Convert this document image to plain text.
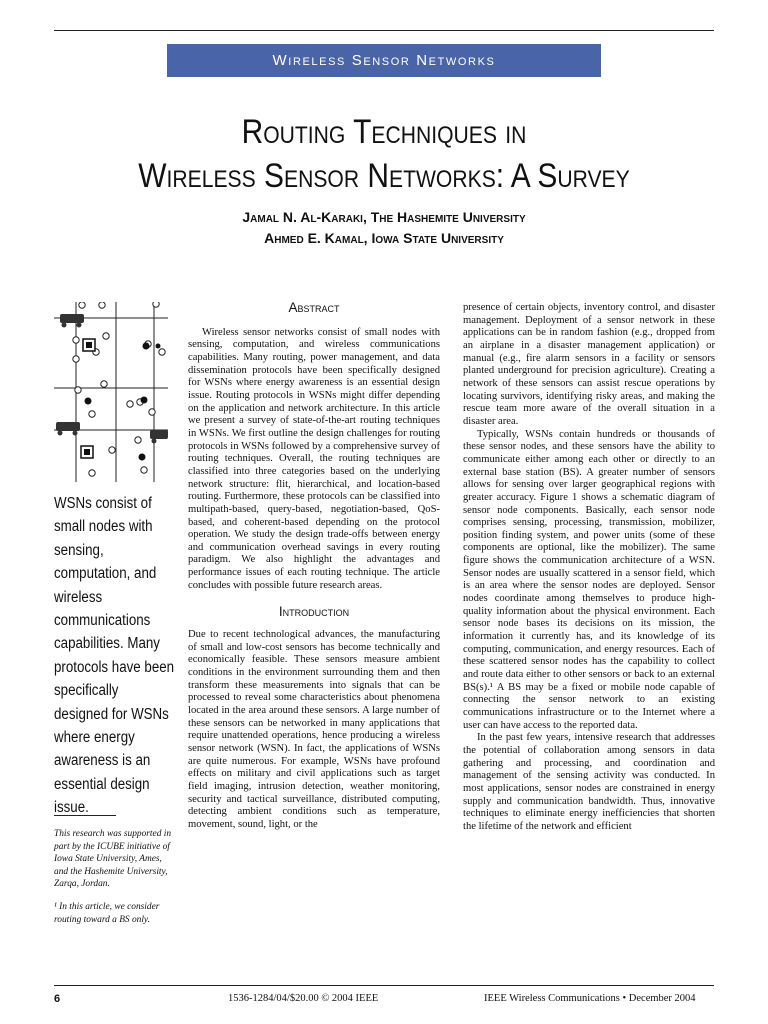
Wireless Sensor Networks
Routing Techniques in
Wireless Sensor Networks: A Survey
Jamal N. Al-Karaki, The Hashemite University
Ahmed E. Kamal, Iowa State University
WSNs consist of small nodes with sensing, computation, and wireless communications capabilities. Many protocols have been specifically designed for WSNs where energy awareness is an essential design issue.

This research was supported in part by the ICUBE initiative of Iowa State University, Ames, and the Hashemite University, Zarqa, Jordan.

¹ In this article, we consider routing toward a BS only.

Abstract

Wireless sensor networks consist of small nodes with sensing, computation, and wireless communications capabilities. Many routing, power management, and data dissemination protocols have been specifically designed for WSNs where energy awareness is an essential design issue. Routing protocols in WSNs might differ depending on the application and network architecture. In this article we present a survey of state-of-the-art routing techniques in WSNs. We first outline the design challenges for routing protocols in WSNs followed by a comprehensive survey of routing techniques. Overall, the routing techniques are classified into three categories based on the underlying network structure: flit, hierarchical, and location-based routing. Furthermore, these protocols can be classified into multipath-based, query-based, negotiation-based, QoS-based, and coherent-based depending on the protocol operation. We study the design trade-offs between energy and communication overhead savings in every routing paradigm. We also highlight the advantages and performance issues of each routing technique. The article concludes with possible future research areas.

Introduction

Due to recent technological advances, the manufacturing of small and low-cost sensors has become technically and economically feasible. These sensors measure ambient conditions in the environment surrounding them and then transform these measurements into signals that can be processed to reveal some characteristics about phenomena located in the area around these sensors. A large number of these sensors can be networked in many applications that require unattended operations, hence producing a wireless sensor network (WSN). In fact, the applications of WSNs are quite numerous. For example, WSNs have profound effects on military and civil applications such as target field imaging, intrusion detection, weather monitoring, security and tactical surveillance, distributed computing, detecting ambient conditions such as temperature, movement, sound, light, or the

presence of certain objects, inventory control, and disaster management. Deployment of a sensor network in these applications can be in random fashion (e.g., dropped from an airplane in a disaster management application) or manual (e.g., fire alarm sensors in a facility or sensors planted underground for precision agriculture). Creating a network of these sensors can assist rescue operations by locating survivors, identifying risky areas, and making the rescue team more aware of the overall situation in a disaster area.

Typically, WSNs contain hundreds or thousands of these sensor nodes, and these sensors have the ability to communicate either among each other or directly to an external base station (BS). A greater number of sensors allows for sensing over larger geographical regions with greater accuracy. Figure 1 shows a schematic diagram of sensor node components. Basically, each sensor node comprises sensing, processing, transmission, mobilizer, position finding system, and power units (some of these components are optional, like the mobilizer). The same figure shows the communication architecture of a WSN. Sensor nodes are usually scattered in a sensor field, which is an area where the sensor nodes are deployed. Sensor nodes coordinate among themselves to produce high-quality information about the physical environment. Each sensor node bases its decisions on its mission, the information it currently has, and its knowledge of its computing, communication, and energy resources. Each of these scattered sensor nodes has the capability to collect and route data either to other sensors or back to an external BS(s).¹ A BS may be a fixed or mobile node capable of connecting the sensor network to an existing communications infrastructure or to the Internet where a user can have access to the reported data.

In the past few years, intensive research that addresses the potential of collaboration among sensors in data gathering and processing, and coordination and management of the sensing activity was conducted. In most applications, sensor nodes are constrained in energy supply and communication bandwidth. Thus, innovative techniques to eliminate energy inefficiencies that shorten the lifetime of the network and efficient

6	1536-1284/04/$20.00 © 2004 IEEE	IEEE Wireless Communications • December 2004
